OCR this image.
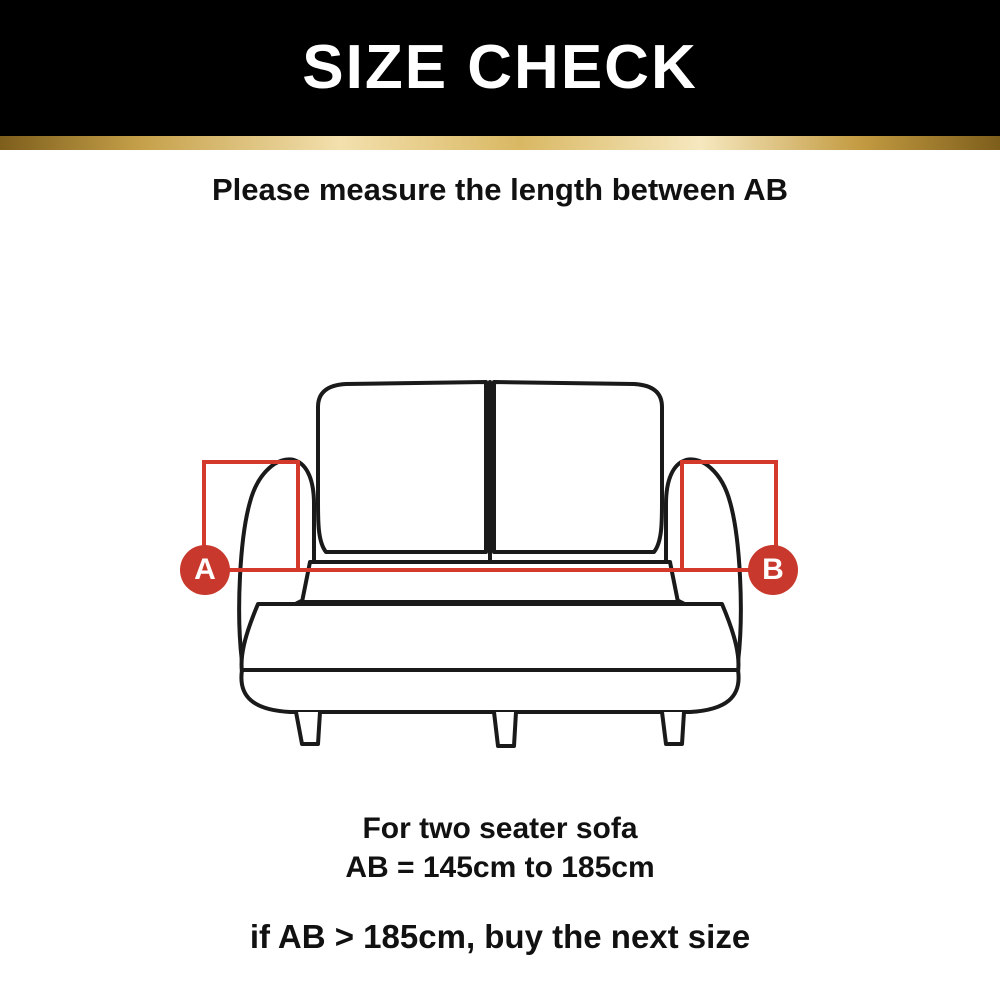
SIZE CHECK
Please measure the length between AB
A	B
For two seater sofa
AB = 145cm to 185cm
if AB > 185cm, buy the next size
